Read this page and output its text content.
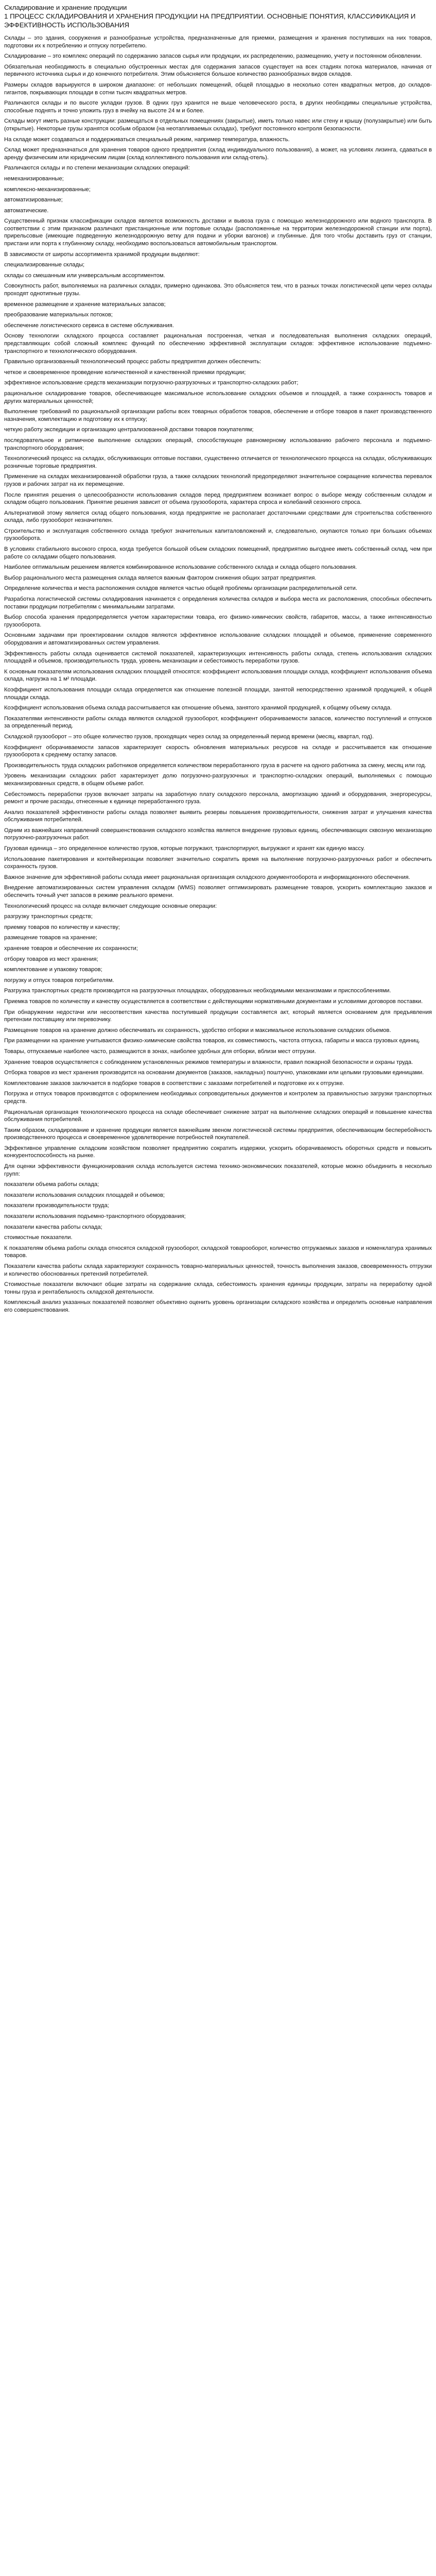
Складирование и хранение продукции
1 ПРОЦЕСС СКЛАДИРОВАНИЯ И ХРАНЕНИЯ ПРОДУКЦИИ НА ПРЕДПРИЯТИИ. ОСНОВНЫЕ ПОНЯТИЯ, КЛАССИФИКАЦИЯ И ЭФФЕКТИВНОСТЬ ИСПОЛЬЗОВАНИЯ

Склады – это здания, сооружения и разнообразные устройства, предназначенные для приемки, размещения и хранения поступивших на них товаров, подготовки их к потреблению и отпуску потребителю.

Складирование – это комплекс операций по содержанию запасов сырья или продукции, их распределению, размещению, учету и постоянном обновлении.

Обязательная необходимость в специально обустроенных местах для содержания запасов существует на всех стадиях потока материалов, начиная от первичного источника сырья и до конечного потребителя. Этим объясняется большое количество разнообразных видов складов.

Размеры складов варьируются в широком диапазоне: от небольших помещений, общей площадью в несколько сотен квадратных метров, до складов-гигантов, покрывающих площади в сотни тысяч квадратных метров.

Различаются склады и по высоте укладки грузов. В одних груз хранится не выше человеческого роста, в других необходимы специальные устройства, способные поднять и точно уложить груз в ячейку на высоте 24 м и более.

Склады могут иметь разные конструкции: размещаться в отдельных помещениях (закрытые), иметь только навес или стену и крышу (полузакрытые) или быть (открытые). Некоторые грузы хранятся особым образом (на неотапливаемых складах), требуют постоянного контроля безопасности.

На складе может создаваться и поддерживаться специальный режим, например температура, влажность.

Склад может предназначаться для хранения товаров одного предприятия (склад индивидуального пользования), а может, на условиях лизинга, сдаваться в аренду физическим или юридическим лицам (склад коллективного пользования или склад-отель).

Различаются склады и по степени механизации складских операций:

немеханизированные;

комплексно-механизированные;

автоматизированные;

автоматические.

Существенный признак классификации складов является возможность доставки и вывоза груза с помощью железнодорожного или водного транспорта. В соответствии с этим признаком различают пристанционные или портовые склады (расположенные на территории железнодорожной станции или порта), прирельсовые (имеющие подведенную железнодорожную ветку для подачи и уборки вагонов) и глубинные. Для того чтобы доставить груз от станции, пристани или порта к глубинному складу, необходимо воспользоваться автомобильным транспортом.

В зависимости от широты ассортимента хранимой продукции выделяют:

специализированные склады;

склады со смешанным или универсальным ассортиментом.

Совокупность работ, выполняемых на различных складах, примерно одинакова. Это объясняется тем, что в разных точках логистической цепи через склады проходят однотипные грузы.

временное размещение и хранение материальных запасов;

преобразование материальных потоков;

обеспечение логистического сервиса в системе обслуживания.

Основу технологии складского процесса составляет рациональная построенная, четкая и последовательная выполнения складских операций, представляющих собой сложный комплекс функций по обеспечению эффективной эксплуатации складов: эффективное использование подъемно-транспортного и технологического оборудования.

Правильно организованный технологический процесс работы предприятия должен обеспечить:

четкое и своевременное проведение количественной и качественной приемки продукции;

эффективное использование средств механизации погрузочно-разгрузочных и транспортно-складских работ;

рациональное складирование товаров, обеспечивающее максимальное использование складских объемов и площадей, а также сохранность товаров и других материальных ценностей;

Выполнение требований по рациональной организации работы всех товарных обработок товаров, обеспечение и отборе товаров в пакет производственного назначения, комплектацию и подготовку их к отпуску;

четкую работу экспедиции и организацию централизованной доставки товаров покупателям;

последовательное и ритмичное выполнение складских операций, способствующее равномерному использованию рабочего персонала и подъемно-транспортного оборудования;

Технологический процесс на складах, обслуживающих оптовые поставки, существенно отличается от технологического процесса на складах, обслуживающих розничные торговые предприятия.

Применение на складах механизированной обработки груза, а также складских технологий предопределяют значительное сокращение количества перевалок грузов и рабочих затрат на их перемещение.

После принятия решения о целесообразности использования складов перед предприятием возникает вопрос о выборе между собственным складом и складом общего пользования. Принятие решения зависит от объема грузооборота, характера спроса и колебаний сезонного спроса.

Альтернативой этому является склад общего пользования, когда предприятие не располагает достаточными средствами для строительства собственного склада, либо грузооборот незначителен.

Строительство и эксплуатация собственного склада требуют значительных капиталовложений и, следовательно, окупаются только при больших объемах грузооборота.

В условиях стабильного высокого спроса, когда требуется большой объем складских помещений, предприятию выгоднее иметь собственный склад, чем при работе со складами общего пользования.

Наиболее оптимальным решением является комбинированное использование собственного склада и склада общего пользования.

Выбор рационального места размещения склада является важным фактором снижения общих затрат предприятия.

Определение количества и места расположения складов является частью общей проблемы организации распределительной сети.

Разработка логистической системы складирования начинается с определения количества складов и выбора места их расположения, способных обеспечить поставки продукции потребителям с минимальными затратами.

Выбор способа хранения предопределяется учетом характеристики товара, его физико-химических свойств, габаритов, массы, а также интенсивностью грузооборота.

Основными задачами при проектировании складов являются эффективное использование складских площадей и объемов, применение современного оборудования и автоматизированных систем управления.

Эффективность работы склада оценивается системой показателей, характеризующих интенсивность работы склада, степень использования складских площадей и объемов, производительность труда, уровень механизации и себестоимость переработки грузов.

К основным показателям использования складских площадей относятся: коэффициент использования площади склада, коэффициент использования объема склада, нагрузка на 1 м² площади.

Коэффициент использования площади склада определяется как отношение полезной площади, занятой непосредственно хранимой продукцией, к общей площади склада.

Коэффициент использования объема склада рассчитывается как отношение объема, занятого хранимой продукцией, к общему объему склада.

Показателями интенсивности работы склада являются складской грузооборот, коэффициент оборачиваемости запасов, количество поступлений и отпусков за определенный период.

Складской грузооборот – это общее количество грузов, проходящих через склад за определенный период времени (месяц, квартал, год).

Коэффициент оборачиваемости запасов характеризует скорость обновления материальных ресурсов на складе и рассчитывается как отношение грузооборота к среднему остатку запасов.

Производительность труда складских работников определяется количеством переработанного груза в расчете на одного работника за смену, месяц или год.

Уровень механизации складских работ характеризует долю погрузочно-разгрузочных и транспортно-складских операций, выполняемых с помощью механизированных средств, в общем объеме работ.

Себестоимость переработки грузов включает затраты на заработную плату складского персонала, амортизацию зданий и оборудования, энергоресурсы, ремонт и прочие расходы, отнесенные к единице переработанного груза.

Анализ показателей эффективности работы склада позволяет выявить резервы повышения производительности, снижения затрат и улучшения качества обслуживания потребителей.

Одним из важнейших направлений совершенствования складского хозяйства является внедрение грузовых единиц, обеспечивающих сквозную механизацию погрузочно-разгрузочных работ.

Грузовая единица – это определенное количество грузов, которые погружают, транспортируют, выгружают и хранят как единую массу.

Использование пакетирования и контейнеризации позволяет значительно сократить время на выполнение погрузочно-разгрузочных работ и обеспечить сохранность грузов.

Важное значение для эффективной работы склада имеет рациональная организация складского документооборота и информационного обеспечения.

Внедрение автоматизированных систем управления складом (WMS) позволяет оптимизировать размещение товаров, ускорить комплектацию заказов и обеспечить точный учет запасов в режиме реального времени.

Технологический процесс на складе включает следующие основные операции:

разгрузку транспортных средств;

приемку товаров по количеству и качеству;

размещение товаров на хранение;

хранение товаров и обеспечение их сохранности;

отборку товаров из мест хранения;

комплектование и упаковку товаров;

погрузку и отпуск товаров потребителям.

Разгрузка транспортных средств производится на разгрузочных площадках, оборудованных необходимыми механизмами и приспособлениями.

Приемка товаров по количеству и качеству осуществляется в соответствии с действующими нормативными документами и условиями договоров поставки.

При обнаружении недостачи или несоответствия качества поступившей продукции составляется акт, который является основанием для предъявления претензии поставщику или перевозчику.

Размещение товаров на хранение должно обеспечивать их сохранность, удобство отборки и максимальное использование складских объемов.

При размещении на хранение учитываются физико-химические свойства товаров, их совместимость, частота отпуска, габариты и масса грузовых единиц.

Товары, отпускаемые наиболее часто, размещаются в зонах, наиболее удобных для отборки, вблизи мест отгрузки.

Хранение товаров осуществляется с соблюдением установленных режимов температуры и влажности, правил пожарной безопасности и охраны труда.

Отборка товаров из мест хранения производится на основании документов (заказов, накладных) поштучно, упаковками или целыми грузовыми единицами.

Комплектование заказов заключается в подборке товаров в соответствии с заказами потребителей и подготовке их к отгрузке.

Погрузка и отпуск товаров производятся с оформлением необходимых сопроводительных документов и контролем за правильностью загрузки транспортных средств.

Рациональная организация технологического процесса на складе обеспечивает снижение затрат на выполнение складских операций и повышение качества обслуживания потребителей.

Таким образом, складирование и хранение продукции является важнейшим звеном логистической системы предприятия, обеспечивающим бесперебойность производственного процесса и своевременное удовлетворение потребностей покупателей.

Эффективное управление складским хозяйством позволяет предприятию сократить издержки, ускорить оборачиваемость оборотных средств и повысить конкурентоспособность на рынке.

Для оценки эффективности функционирования склада используется система технико-экономических показателей, которые можно объединить в несколько групп:

показатели объема работы склада;

показатели использования складских площадей и объемов;

показатели производительности труда;

показатели использования подъемно-транспортного оборудования;

показатели качества работы склада;

стоимостные показатели.

К показателям объема работы склада относятся складской грузооборот, складской товарооборот, количество отгружаемых заказов и номенклатура хранимых товаров.

Показатели качества работы склада характеризуют сохранность товарно-материальных ценностей, точность выполнения заказов, своевременность отгрузки и количество обоснованных претензий потребителей.

Стоимостные показатели включают общие затраты на содержание склада, себестоимость хранения единицы продукции, затраты на переработку одной тонны груза и рентабельность складской деятельности.

Комплексный анализ указанных показателей позволяет объективно оценить уровень организации складского хозяйства и определить основные направления его совершенствования.
